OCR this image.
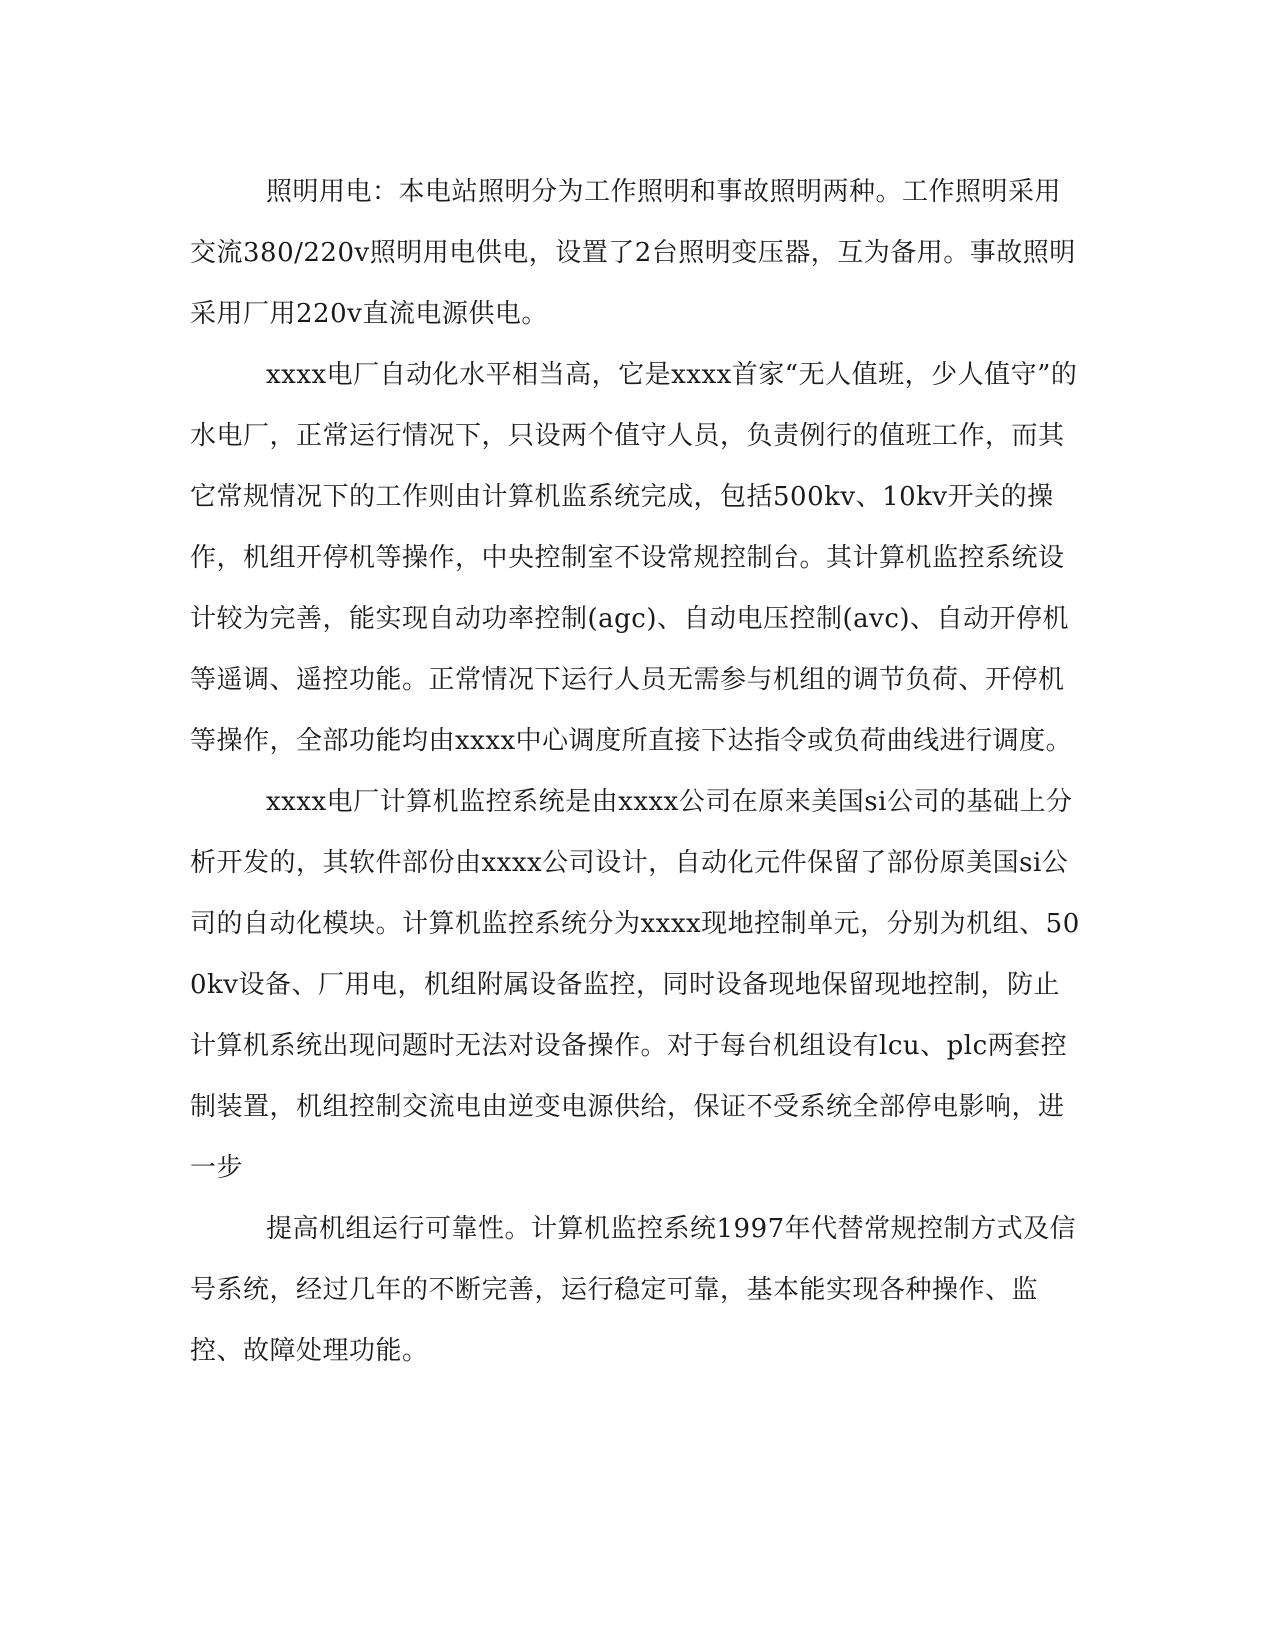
照明用电：本电站照明分为工作照明和事故照明两种。工作照明采用交流380/220v照明用电供电，设置了2台照明变压器，互为备用。事故照明采用厂用220v直流电源供电。

xxxx电厂自动化水平相当高，它是xxxx首家“无人值班，少人值守”的水电厂，正常运行情况下，只设两个值守人员，负责例行的值班工作，而其它常规情况下的工作则由计算机监系统完成，包括500kv、10kv开关的操作，机组开停机等操作，中央控制室不设常规控制台。其计算机监控系统设计较为完善，能实现自动功率控制(agc)、自动电压控制(avc)、自动开停机等遥调、遥控功能。正常情况下运行人员无需参与机组的调节负荷、开停机等操作，全部功能均由xxxx中心调度所直接下达指令或负荷曲线进行调度。

xxxx电厂计算机监控系统是由xxxx公司在原来美国si公司的基础上分析开发的，其软件部份由xxxx公司设计，自动化元件保留了部份原美国si公司的自动化模块。计算机监控系统分为xxxx现地控制单元，分别为机组、500kv设备、厂用电，机组附属设备监控，同时设备现地保留现地控制，防止计算机系统出现问题时无法对设备操作。对于每台机组设有lcu、plc两套控制装置，机组控制交流电由逆变电源供给，保证不受系统全部停电影响，进一步

提高机组运行可靠性。计算机监控系统1997年代替常规控制方式及信号系统，经过几年的不断完善，运行稳定可靠，基本能实现各种操作、监控、故障处理功能。
